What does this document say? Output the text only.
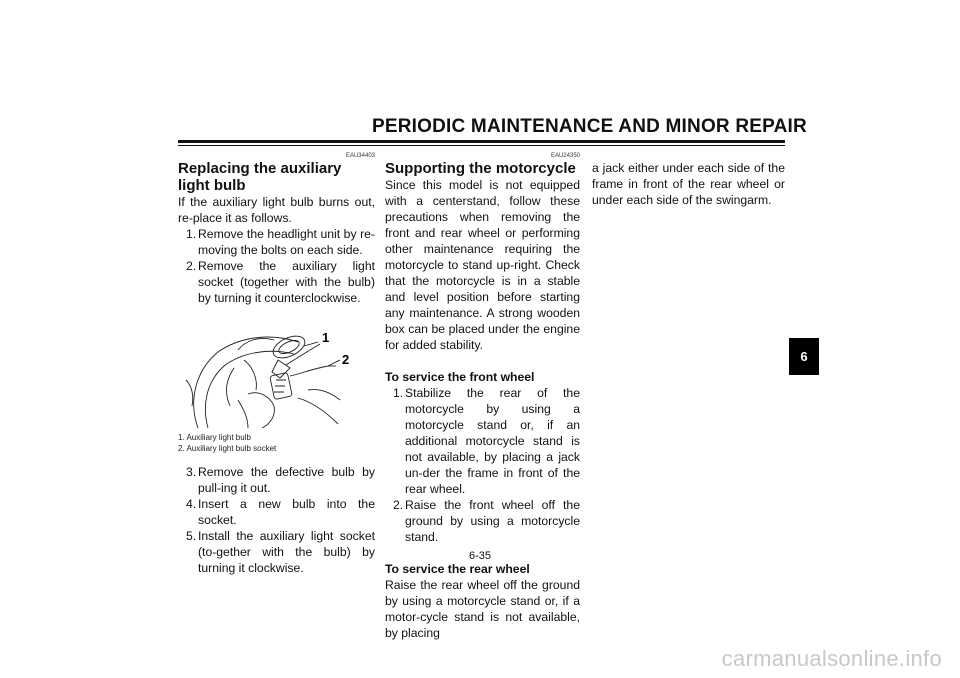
PERIODIC MAINTENANCE AND MINOR REPAIR
EAU34403
Replacing the auxiliary light bulb

If the auxiliary light bulb burns out, re-place it as follows.

1. Remove the headlight unit by re-moving the bolts on each side.
2. Remove the auxiliary light socket (together with the bulb) by turning it counterclockwise.
1
2
1. Auxiliary light bulb
2. Auxiliary light bulb socket
3. Remove the defective bulb by pull-ing it out.
4. Insert a new bulb into the socket.
5. Install the auxiliary light socket (to-gether with the bulb) by turning it clockwise.
EAU24350
Supporting the motorcycle

Since this model is not equipped with a centerstand, follow these precautions when removing the front and rear wheel or performing other maintenance requiring the motorcycle to stand up-right. Check that the motorcycle is in a stable and level position before starting any maintenance. A strong wooden box can be placed under the engine for added stability.

To service the front wheel
1. Stabilize the rear of the motorcycle by using a motorcycle stand or, if an additional motorcycle stand is not available, by placing a jack un-der the frame in front of the rear wheel.
2. Raise the front wheel off the ground by using a motorcycle stand.
To service the rear wheel

Raise the rear wheel off the ground by using a motorcycle stand or, if a motor-cycle stand is not available, by placing

a jack either under each side of the frame in front of the rear wheel or under each side of the swingarm.

6-35
6
carmanualsonline.info
